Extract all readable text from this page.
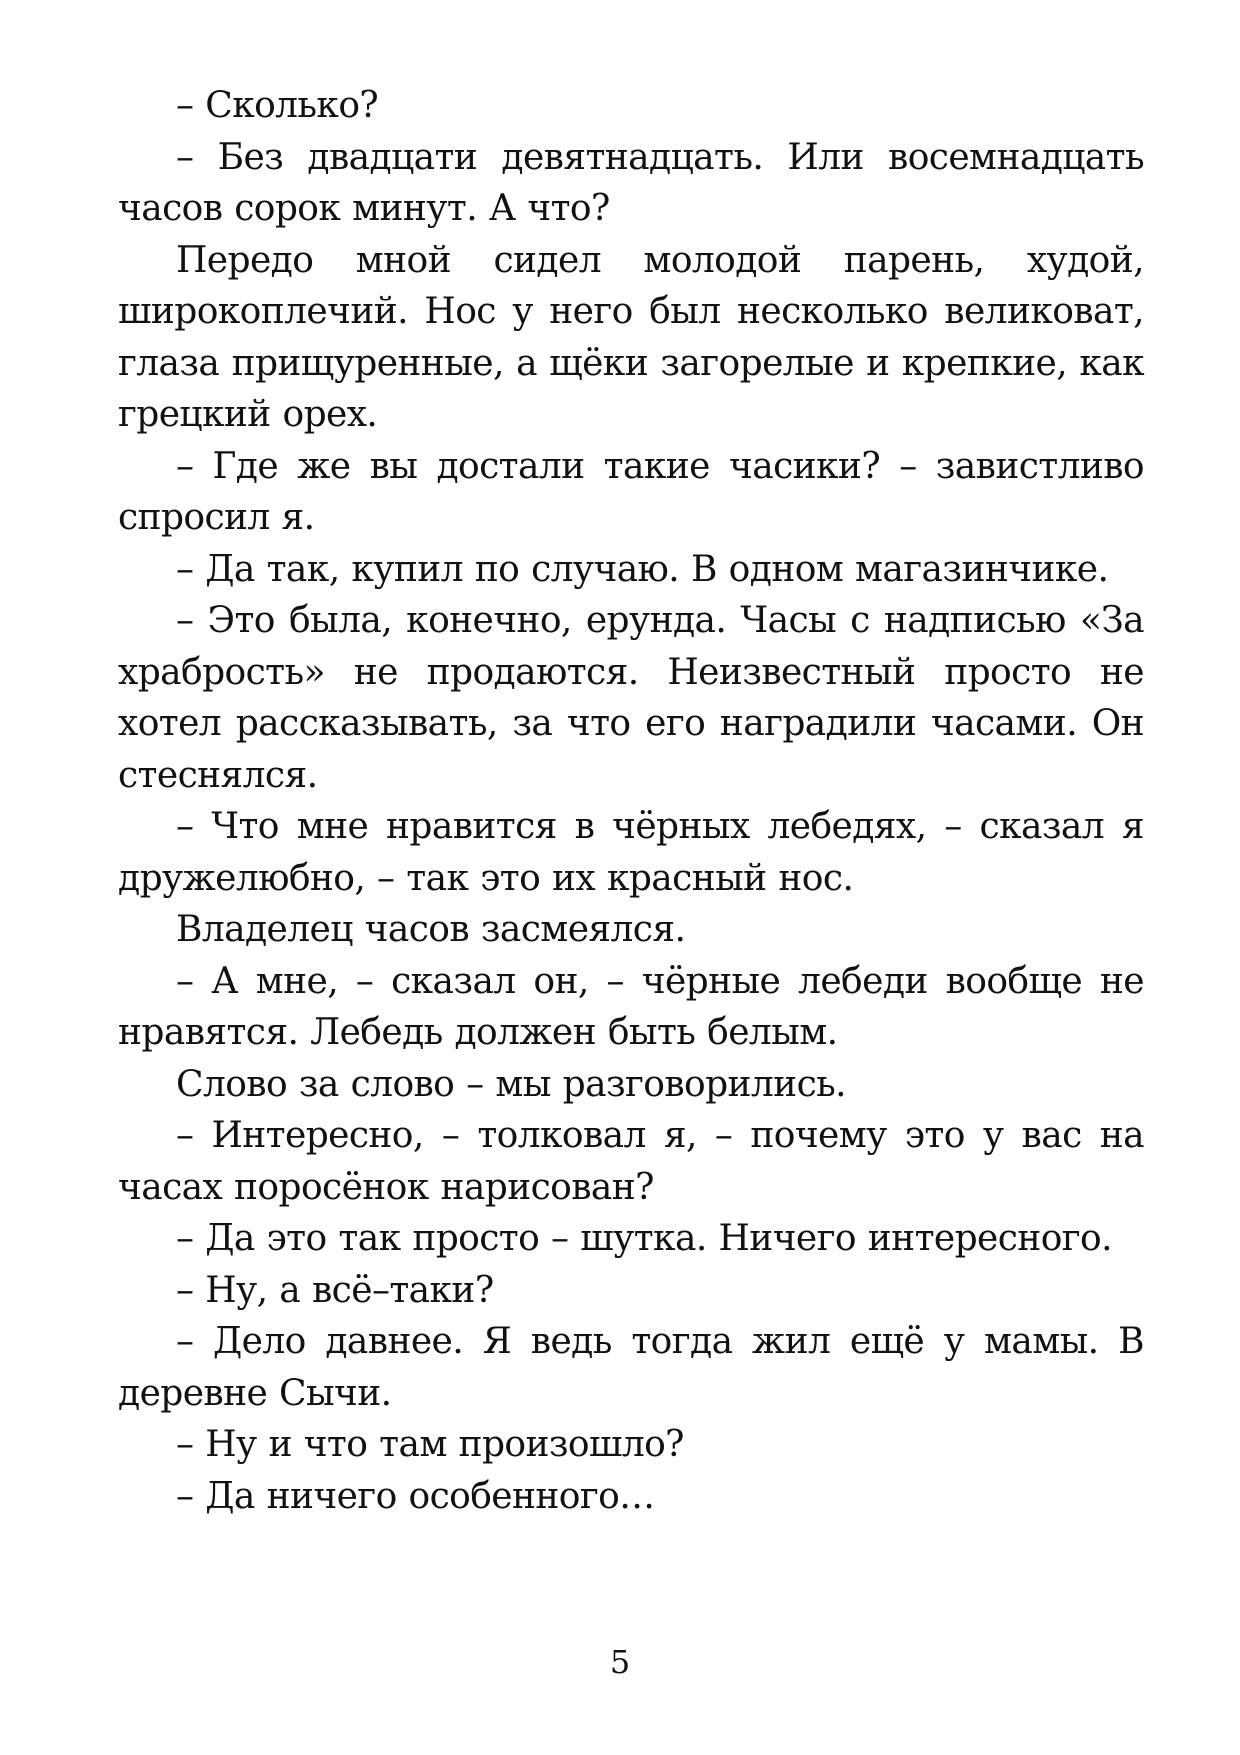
– Сколько?

– Без двадцати девятнадцать. Или восемнадцать часов сорок минут. А что?

Передо мной сидел молодой парень, худой, широкоплечий. Нос у него был несколько великоват, глаза прищуренные, а щёки загорелые и крепкие, как грецкий орех.

– Где же вы достали такие часики? – завистливо спросил я.

– Да так, купил по случаю. В одном магазинчике.

– Это была, конечно, ерунда. Часы с надписью «За храбрость» не продаются. Неизвестный просто не хотел рассказывать, за что его наградили часами. Он стеснялся.

– Что мне нравится в чёрных лебедях, – сказал я дружелюбно, – так это их красный нос.

Владелец часов засмеялся.

– А мне, – сказал он, – чёрные лебеди вообще не нравятся. Лебедь должен быть белым.

Слово за слово – мы разговорились.

– Интересно, – толковал я, – почему это у вас на часах поросёнок нарисован?

– Да это так просто – шутка. Ничего интересного.

– Ну, а всё–таки?

– Дело давнее. Я ведь тогда жил ещё у мамы. В деревне Сычи.

– Ну и что там произошло?

– Да ничего особенного…

5
